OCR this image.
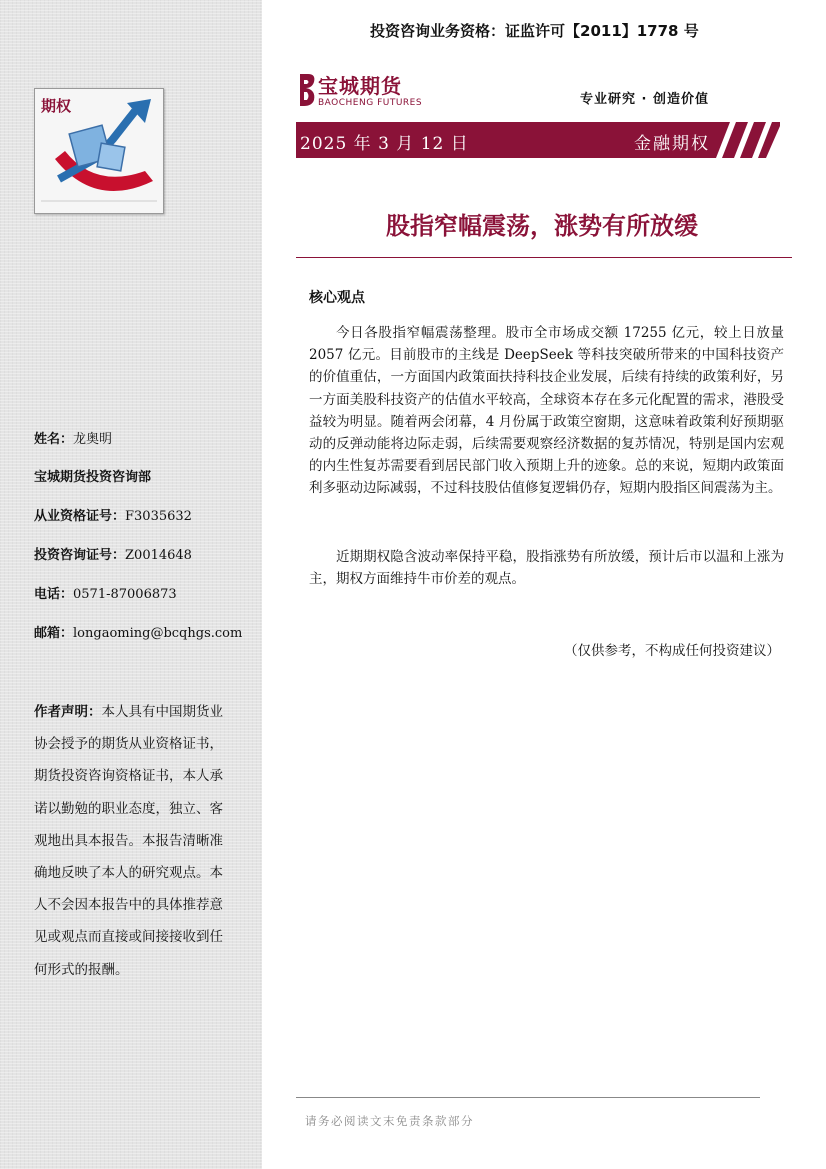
期权
姓名：龙奥明
宝城期货投资咨询部
从业资格证号：F3035632
投资咨询证号：Z0014648
电话：0571-87006873
邮箱：longaoming@bcqhgs.com
作者声明：本人具有中国期货业协会授予的期货从业资格证书，期货投资咨询资格证书，本人承诺以勤勉的职业态度，独立、客观地出具本报告。本报告清晰准确地反映了本人的研究观点。本人不会因本报告中的具体推荐意见或观点而直接或间接接收到任何形式的报酬。
投资咨询业务资格：证监许可【2011】1778 号
宝城期货
BAOCHENG FUTURES	专业研究 · 创造价值
2025 年 3 月 12 日	金融期权
股指窄幅震荡，涨势有所放缓
核心观点

今日各股指窄幅震荡整理。股市全市场成交额 17255 亿元，较上日放量 2057 亿元。目前股市的主线是 DeepSeek 等科技突破所带来的中国科技资产的价值重估，一方面国内政策面扶持科技企业发展，后续有持续的政策利好，另一方面美股科技资产的估值水平较高，全球资本存在多元化配置的需求，港股受益较为明显。随着两会闭幕，4 月份属于政策空窗期，这意味着政策利好预期驱动的反弹动能将边际走弱，后续需要观察经济数据的复苏情况，特别是国内宏观的内生性复苏需要看到居民部门收入预期上升的迹象。总的来说，短期内政策面利多驱动边际减弱，不过科技股估值修复逻辑仍存，短期内股指区间震荡为主。

近期期权隐含波动率保持平稳，股指涨势有所放缓，预计后市以温和上涨为主，期权方面维持牛市价差的观点。

（仅供参考，不构成任何投资建议）
请务必阅读文末免责条款部分
